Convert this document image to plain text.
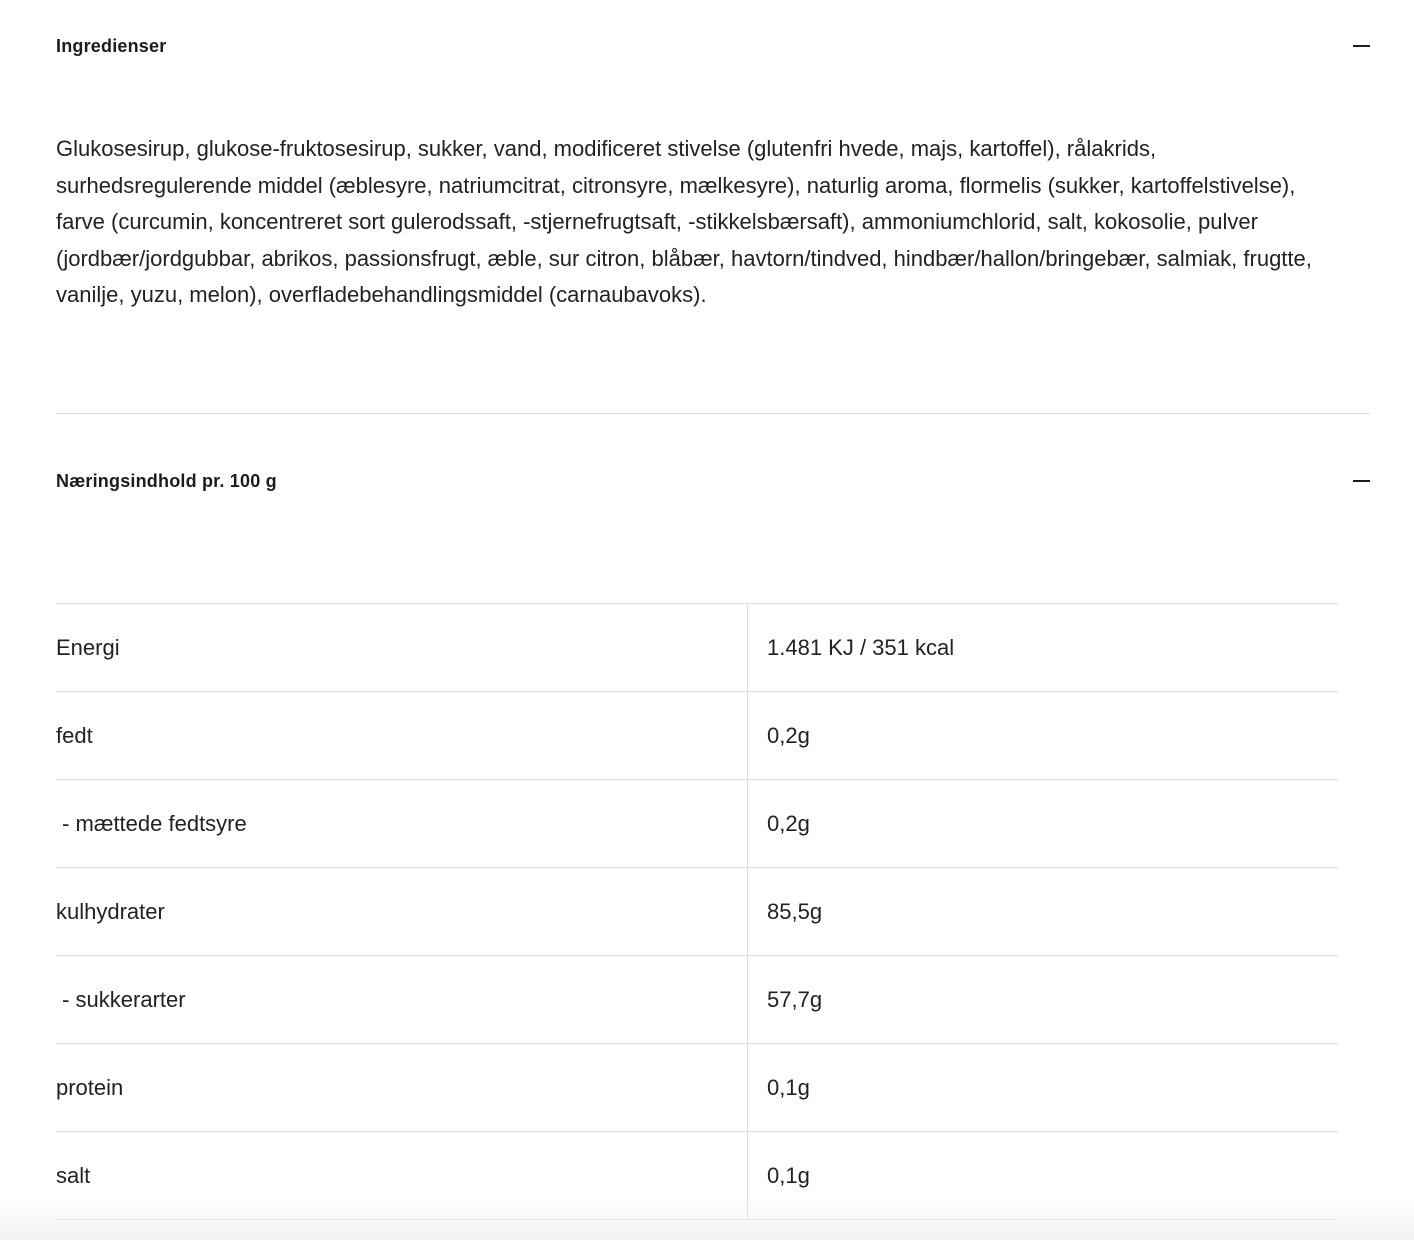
Ingredienser

Glukosesirup, glukose-fruktosesirup, sukker, vand, modificeret stivelse (glutenfri hvede, majs, kartoffel), rålakrids, surhedsregulerende middel (æblesyre, natriumcitrat, citronsyre, mælkesyre), naturlig aroma, flormelis (sukker, kartoffelstivelse), farve (curcumin, koncentreret sort gulerodssaft, -stjernefrugtsaft, -stikkelsbærsaft), ammoniumchlorid, salt, kokosolie, pulver (jordbær/jordgubbar, abrikos, passionsfrugt, æble, sur citron, blåbær, havtorn/tindved, hindbær/hallon/bringebær, salmiak, frugtte, vanilje, yuzu, melon), overfladebehandlingsmiddel (carnaubavoks).

Næringsindhold pr. 100 g
Energi	1.481 KJ / 351 kcal
fedt	0,2g
- mættede fedtsyre	0,2g
kulhydrater	85,5g
- sukkerarter	57,7g
protein	0,1g
salt	0,1g
